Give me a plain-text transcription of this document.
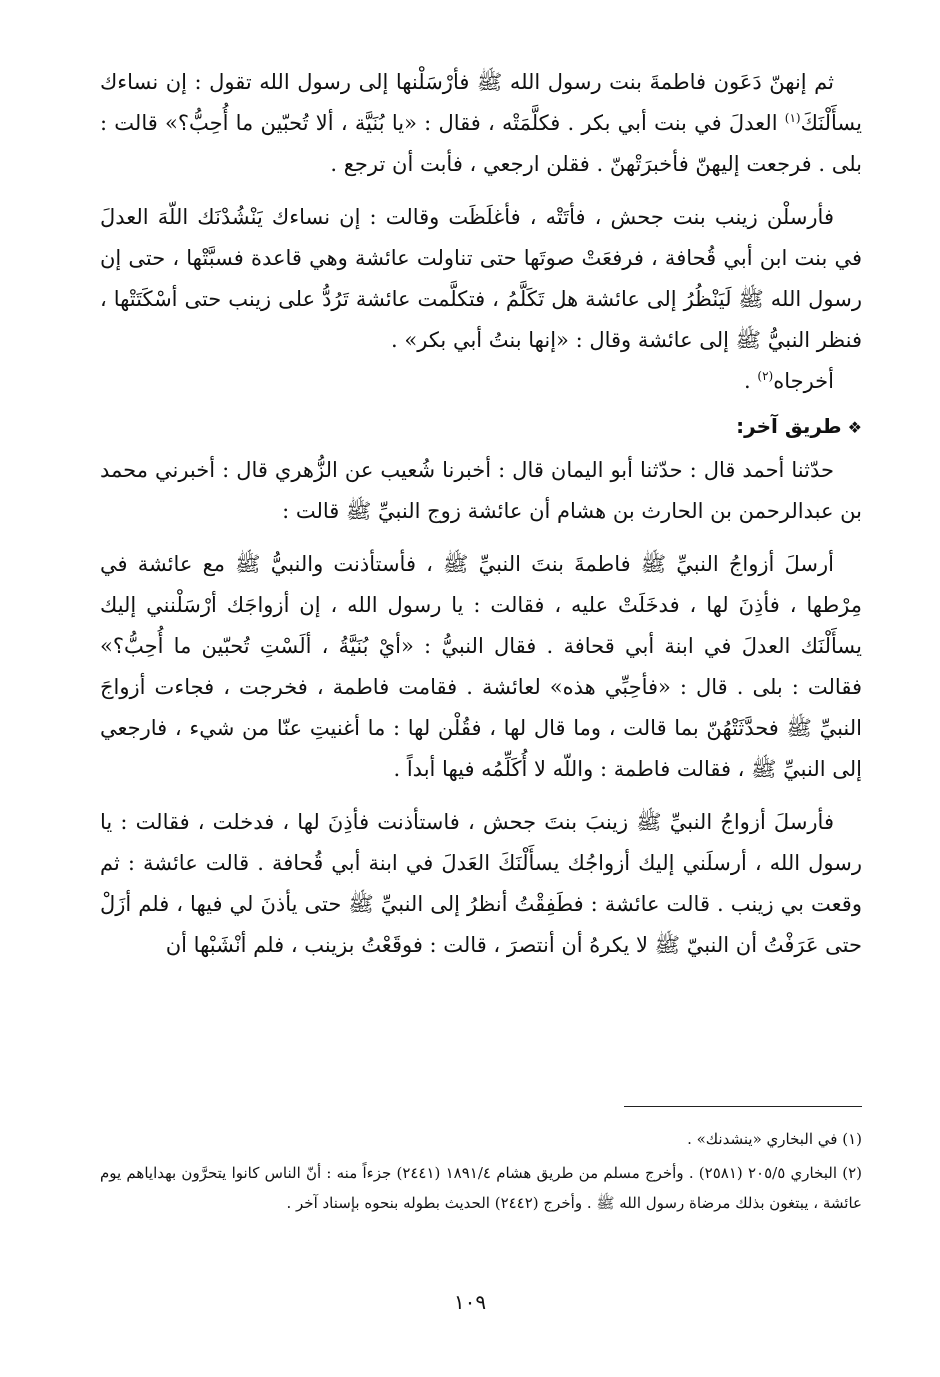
ثم إنهنّ دَعَون فاطمةَ بنت رسول الله ﷺ فأرْسَلْنها إلى رسول الله تقول : إن نساءك يسأَلْنَكَ$^{(١)}$ العدلَ في بنت أبي بكر . فكلَّمَتْه ، فقال : «يا بُنَيَّة ، ألا تُحبّين ما أُحِبُّ؟» قالت : بلى . فرجعت إليهنّ فأخبرَتْهنّ . فقلن ارجعي ، فأبت أن ترجع .

فأرسلْن زينب بنت جحش ، فأتَتْه ، فأغلَظَت وقالت : إن نساءك يَنْشُدْنَك اللّهَ العدلَ في بنت ابن أبي قُحافة ، فرفعَتْ صوتَها حتى تناولت عائشة وهي قاعدة فسبَّتْها ، حتى إن رسول الله ﷺ لَيَنْظُرُ إلى عائشة هل تَكَلَّمُ ، فتكلَّمت عائشة تَرُدُّ على زينب حتى أسْكَتَتْها ، فنظر النبيُّ ﷺ إلى عائشة وقال : «إنها بنتُ أبي بكر» .

أخرجاه$^{(٢)}$ .

❖طريق آخر:

حدّثنا أحمد قال : حدّثنا أبو اليمان قال : أخبرنا شُعيب عن الزُّهري قال : أخبرني محمد بن عبدالرحمن بن الحارث بن هشام أن عائشة زوج النبيِّ ﷺ قالت :

أرسلَ أزواجُ النبيِّ ﷺ فاطمةَ بنتَ النبيِّ ﷺ ، فأستأذنت والنبيُّ ﷺ مع عائشة في مِرْطها ، فأذِنَ لها ، فدخَلَتْ عليه ، فقالت : يا رسول الله ، إن أزواجَك أرْسَلْنني إليك يسأَلْنَك العدلَ في ابنة أبي قحافة . فقال النبيُّ : «أيْ بُنَيَّةُ ، ألَسْتِ تُحبّين ما أُحِبُّ؟» فقالت : بلى . قال : «فأحِبِّي هذه» لعائشة . فقامت فاطمة ، فخرجت ، فجاءت أزواجَ النبيِّ ﷺ فحدَّثَتْهُنّ بما قالت ، وما قال لها ، فقُلْن لها : ما أغنيتِ عنّا من شيء ، فارجعي إلى النبيِّ ﷺ ، فقالت فاطمة : واللّه لا أُكَلِّمُه فيها أبداً .

فأرسلَ أزواجُ النبيِّ ﷺ زينبَ بنتَ جحش ، فاستأذنت فأذِنَ لها ، فدخلت ، فقالت : يا رسول الله ، أرسلَني إليك أزواجُك يسأَلْنَكَ العَدلَ في ابنة أبي قُحافة . قالت عائشة : ثم وقعت بي زينب . قالت عائشة : فطَفِقْتُ أنظرُ إلى النبيِّ ﷺ حتى يأذنَ لي فيها ، فلم أزَلْ حتى عَرَفْتُ أن النبيّ ﷺ لا يكرهُ أن أنتصرَ ، قالت : فوقَعْتُ بزينب ، فلم أنْشَبْها أن

(١) في البخاري «ينشدنك» .

(٢) البخاري ٢٠٥/٥ (٢٥٨١) . وأخرج مسلم من طريق هشام ١٨٩١/٤ (٢٤٤١) جزءاً منه : أنّ الناس كانوا يتحرَّون بهداياهم يوم عائشة ، يبتغون بذلك مرضاة رسول الله ﷺ . وأخرج (٢٤٤٢) الحديث بطوله بنحوه بإسناد آخر .

١٠٩
